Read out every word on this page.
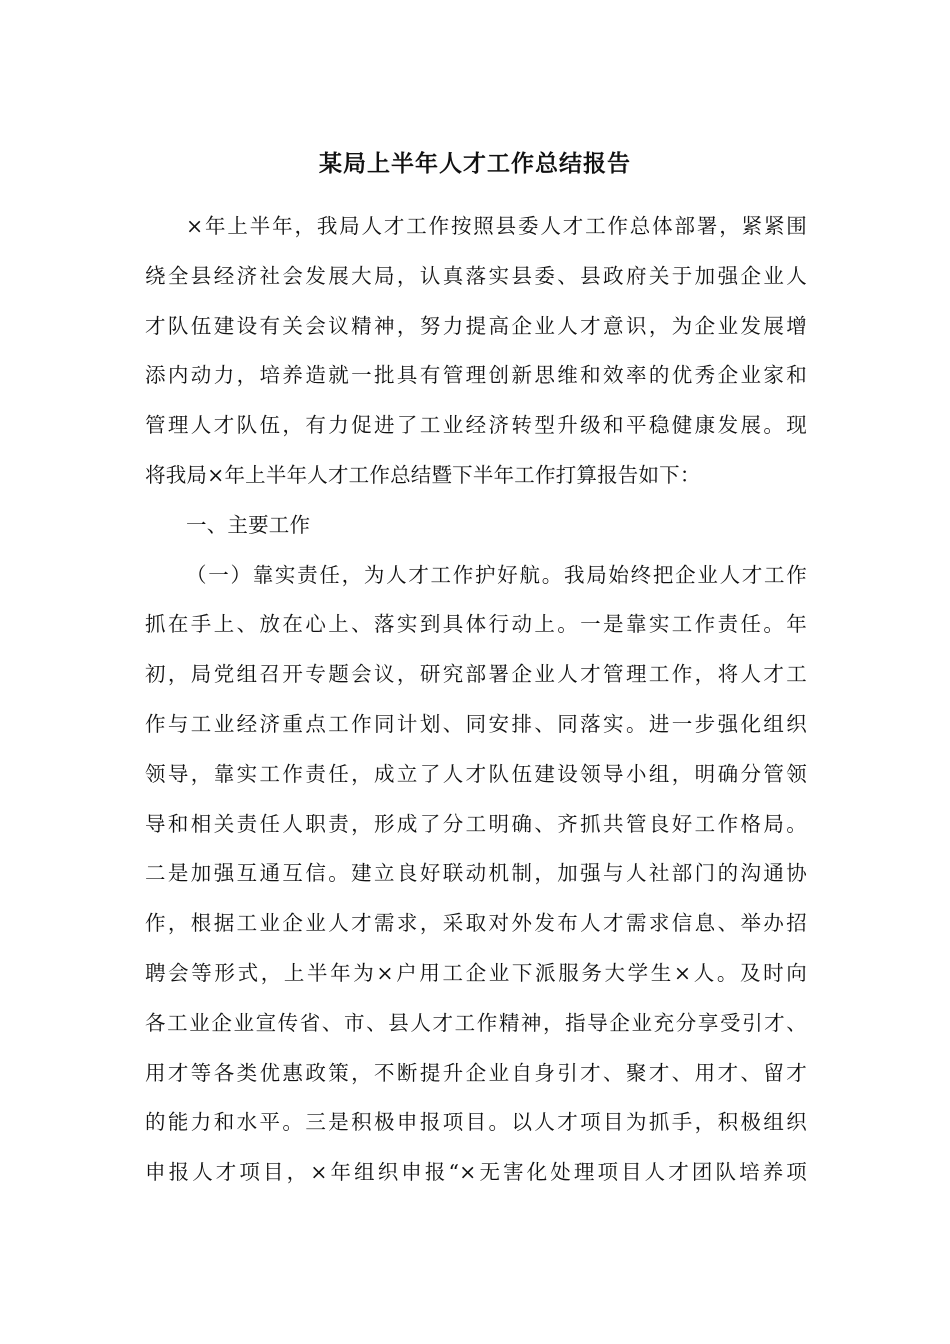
某局上半年人才工作总结报告
×年上半年，我局人才工作按照县委人才工作总体部署，紧紧围
绕全县经济社会发展大局，认真落实县委、县政府关于加强企业人
才队伍建设有关会议精神，努力提高企业人才意识，为企业发展增
添内动力，培养造就一批具有管理创新思维和效率的优秀企业家和
管理人才队伍，有力促进了工业经济转型升级和平稳健康发展。现
将我局×年上半年人才工作总结暨下半年工作打算报告如下：
一、主要工作
（一）靠实责任，为人才工作护好航。我局始终把企业人才工作
抓在手上、放在心上、落实到具体行动上。一是靠实工作责任。年
初，局党组召开专题会议，研究部署企业人才管理工作，将人才工
作与工业经济重点工作同计划、同安排、同落实。进一步强化组织
领导，靠实工作责任，成立了人才队伍建设领导小组，明确分管领
导和相关责任人职责，形成了分工明确、齐抓共管良好工作格局。
二是加强互通互信。建立良好联动机制，加强与人社部门的沟通协
作，根据工业企业人才需求，采取对外发布人才需求信息、举办招
聘会等形式，上半年为×户用工企业下派服务大学生×人。及时向
各工业企业宣传省、市、县人才工作精神，指导企业充分享受引才、
用才等各类优惠政策，不断提升企业自身引才、聚才、用才、留才
的能力和水平。三是积极申报项目。以人才项目为抓手，积极组织
申报人才项目，×年组织申报“×无害化处理项目人才团队培养项
